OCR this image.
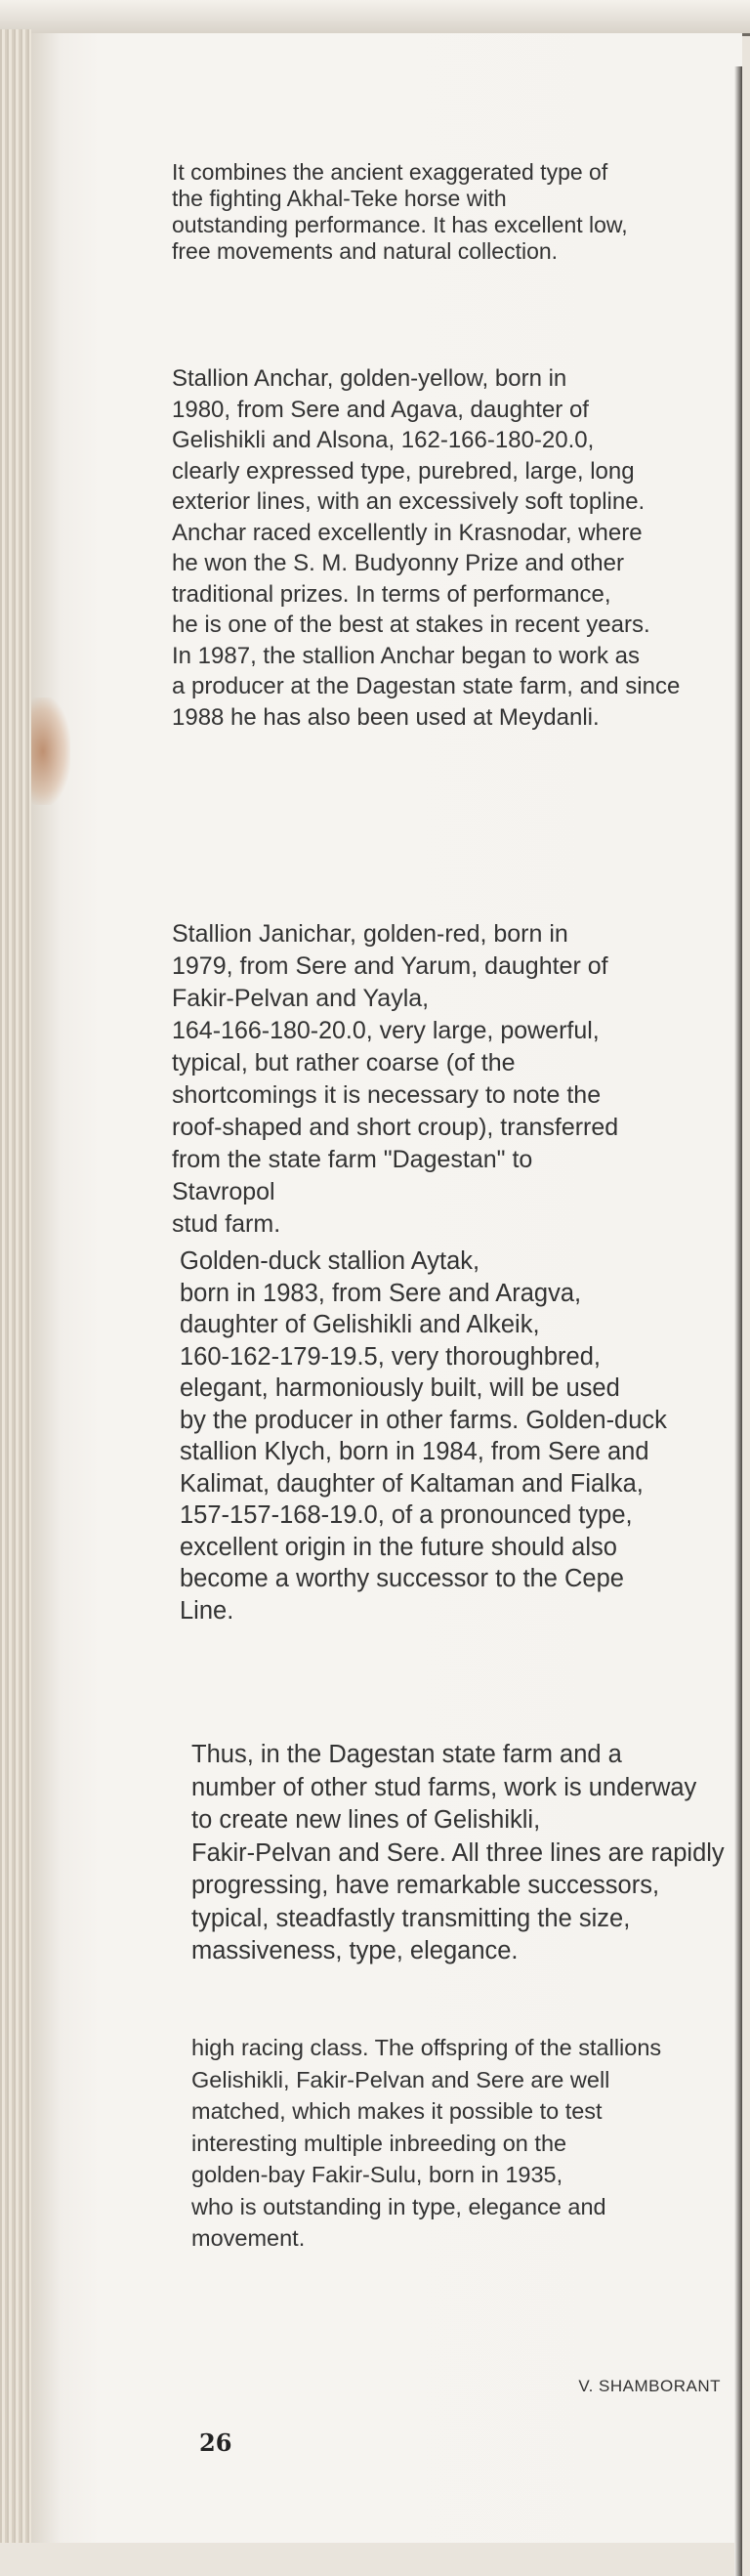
It combines the ancient exaggerated type of
the fighting Akhal-Teke horse with
outstanding performance. It has excellent low,
free movements and natural collection.

Stallion Anchar, golden-yellow, born in
1980, from Sere and Agava, daughter of
Gelishikli and Alsona, 162-166-180-20.0,
clearly expressed type, purebred, large, long
exterior lines, with an excessively soft topline.
Anchar raced excellently in Krasnodar, where
he won the S. M. Budyonny Prize and other
traditional prizes. In terms of performance,
he is one of the best at stakes in recent years.
In 1987, the stallion Anchar began to work as
a producer at the Dagestan state farm, and since
1988 he has also been used at Meydanli.

Stallion Janichar, golden-red, born in
1979, from Sere and Yarum, daughter of
Fakir-Pelvan and Yayla,
164-166-180-20.0, very large, powerful,
typical, but rather coarse (of the
shortcomings it is necessary to note the
roof-shaped and short croup), transferred
from the state farm "Dagestan" to
Stavropol
stud farm.

Golden-duck stallion Aytak,
born in 1983, from Sere and Aragva,
daughter of Gelishikli and Alkeik,
160-162-179-19.5, very thoroughbred,
elegant, harmoniously built, will be used
by the producer in other farms. Golden-duck
stallion Klych, born in 1984, from Sere and
Kalimat, daughter of Kaltaman and Fialka,
157-157-168-19.0, of a pronounced type,
excellent origin in the future should also
become a worthy successor to the Cepe
Line.

Thus, in the Dagestan state farm and a
number of other stud farms, work is underway
to create new lines of Gelishikli,
Fakir-Pelvan and Sere. All three lines are rapidly
progressing, have remarkable successors,
typical, steadfastly transmitting the size,
massiveness, type, elegance.

high racing class. The offspring of the stallions
Gelishikli, Fakir-Pelvan and Sere are well
matched, which makes it possible to test
interesting multiple inbreeding on the
golden-bay Fakir-Sulu, born in 1935,
who is outstanding in type, elegance and
movement.

V. SHAMBORANT
26
